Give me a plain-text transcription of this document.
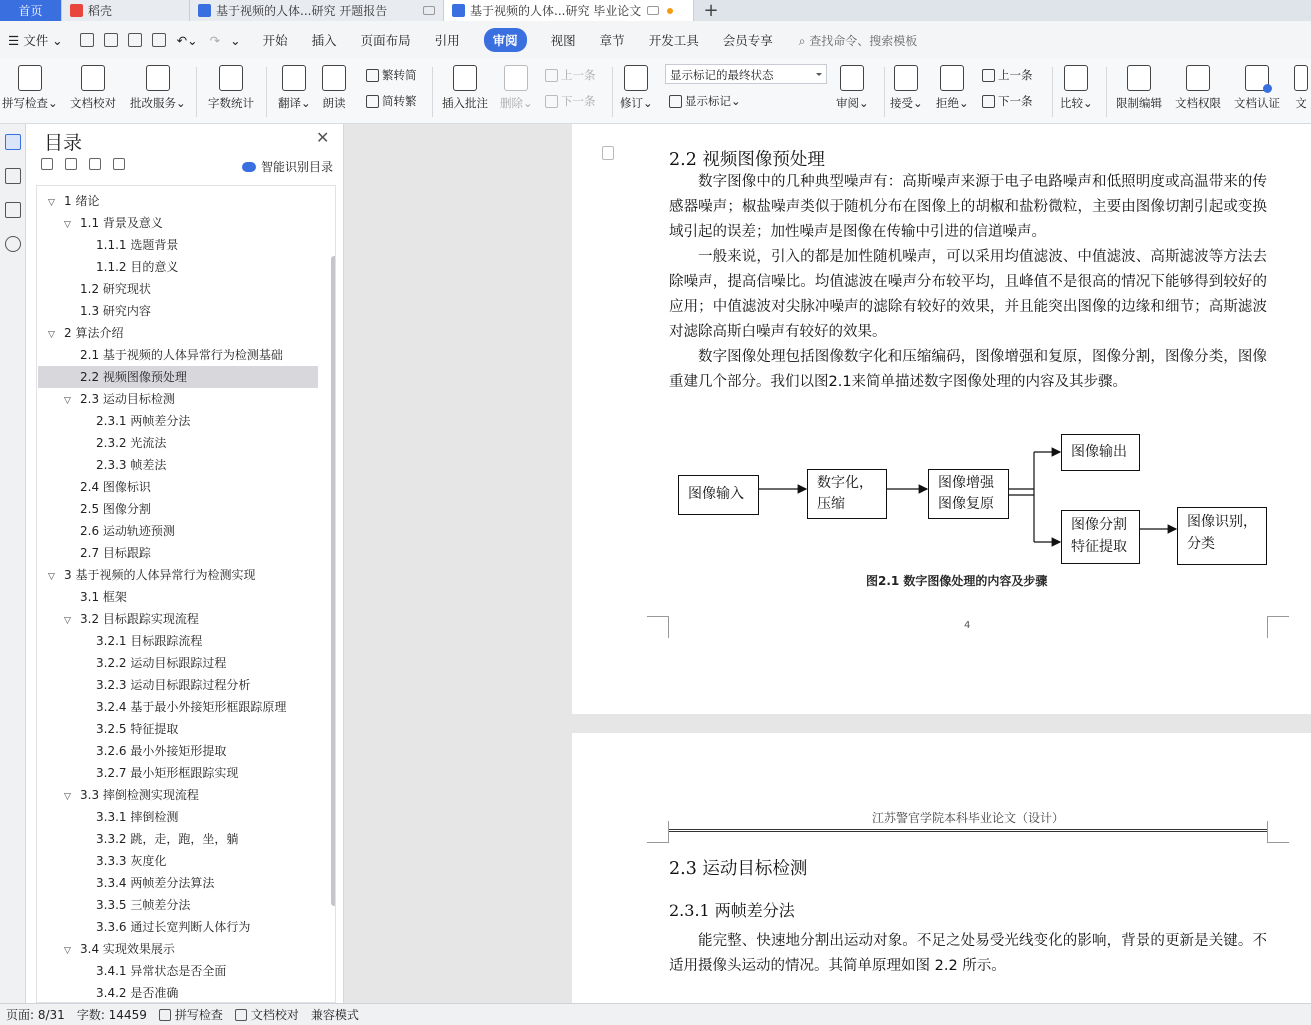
首页	稻壳	基于视频的人体...研究 开题报告	基于视频的人体...研究 毕业论文	+
☰ 文件 ⌄	↶⌄ ↷ ⌄ 开始 插入 页面布局 引用	审阅	视图 章节 开发工具 会员专享 ⌕ 查找命令、搜索模板
拼写检查⌄ 文档校对 批改服务⌄ 字数统计 翻译⌄ 朗读
繁转简
简转繁 插入批注 删除⌄
上一条
下一条 修订⌄
显示标记的最终状态
显示标记 ⌄	审阅⌄ 接受⌄ 拒绝⌄
上一条
下一条 比较⌄ 限制编辑 文档权限 文档认证 文
目录	✕
智能识别目录
▽ 1 绪论
▽ 1.1 背景及意义
1.1.1 选题背景
1.1.2 目的意义
1.2 研究现状
1.3 研究内容
▽ 2 算法介绍
2.1 基于视频的人体异常行为检测基础
2.2 视频图像预处理
▽ 2.3 运动目标检测
2.3.1 两帧差分法
2.3.2 光流法
2.3.3 帧差法
2.4 图像标识
2.5 图像分割
2.6 运动轨迹预测
2.7 目标跟踪
▽ 3 基于视频的人体异常行为检测实现
3.1 框架
▽ 3.2 目标跟踪实现流程
3.2.1 目标跟踪流程
3.2.2 运动目标跟踪过程
3.2.3 运动目标跟踪过程分析
3.2.4 基于最小外接矩形框跟踪原理
3.2.5 特征提取
3.2.6 最小外接矩形提取
3.2.7 最小矩形框跟踪实现
▽ 3.3 摔倒检测实现流程
3.3.1 摔倒检测
3.3.2 跳，走，跑，坐，躺
3.3.3 灰度化
3.3.4 两帧差分法算法
3.3.5 三帧差分法
3.3.6 通过长宽判断人体行为
▽ 3.4 实现效果展示
3.4.1 异常状态是否全面
3.4.2 是否准确
2.2 视频图像预处理
数字图像中的几种典型噪声有：高斯噪声来源于电子电路噪声和低照明度或高温带来的传感器噪声；椒盐噪声类似于随机分布在图像上的胡椒和盐粉微粒，主要由图像切割引起或变换域引起的误差；加性噪声是图像在传输中引进的信道噪声。
一般来说，引入的都是加性随机噪声，可以采用均值滤波、中值滤波、高斯滤波等方法去除噪声，提高信噪比。均值滤波在噪声分布较平均，且峰值不是很高的情况下能够得到较好的应用；中值滤波对尖脉冲噪声的滤除有较好的效果，并且能突出图像的边缘和细节；高斯滤波对滤除高斯白噪声有较好的效果。
数字图像处理包括图像数字化和压缩编码，图像增强和复原，图像分割，图像分类，图像重建几个部分。我们以图2.1来简单描述数字图像处理的内容及其步骤。
图像输入
数字化，
压缩
图像增强
图像复原
图像输出
图像分割
特征提取
图像识别，
分类
图2.1 数字图像处理的内容及步骤
4
江苏警官学院本科毕业论文（设计）
2.3 运动目标检测
2.3.1 两帧差分法
能完整、快速地分割出运动对象。不足之处易受光线变化的影响，背景的更新是关键。不适用摄像头运动的情况。其简单原理如图 2.2 所示。
页面: 8/31 字数: 14459 拼写检查 文档校对 兼容模式
